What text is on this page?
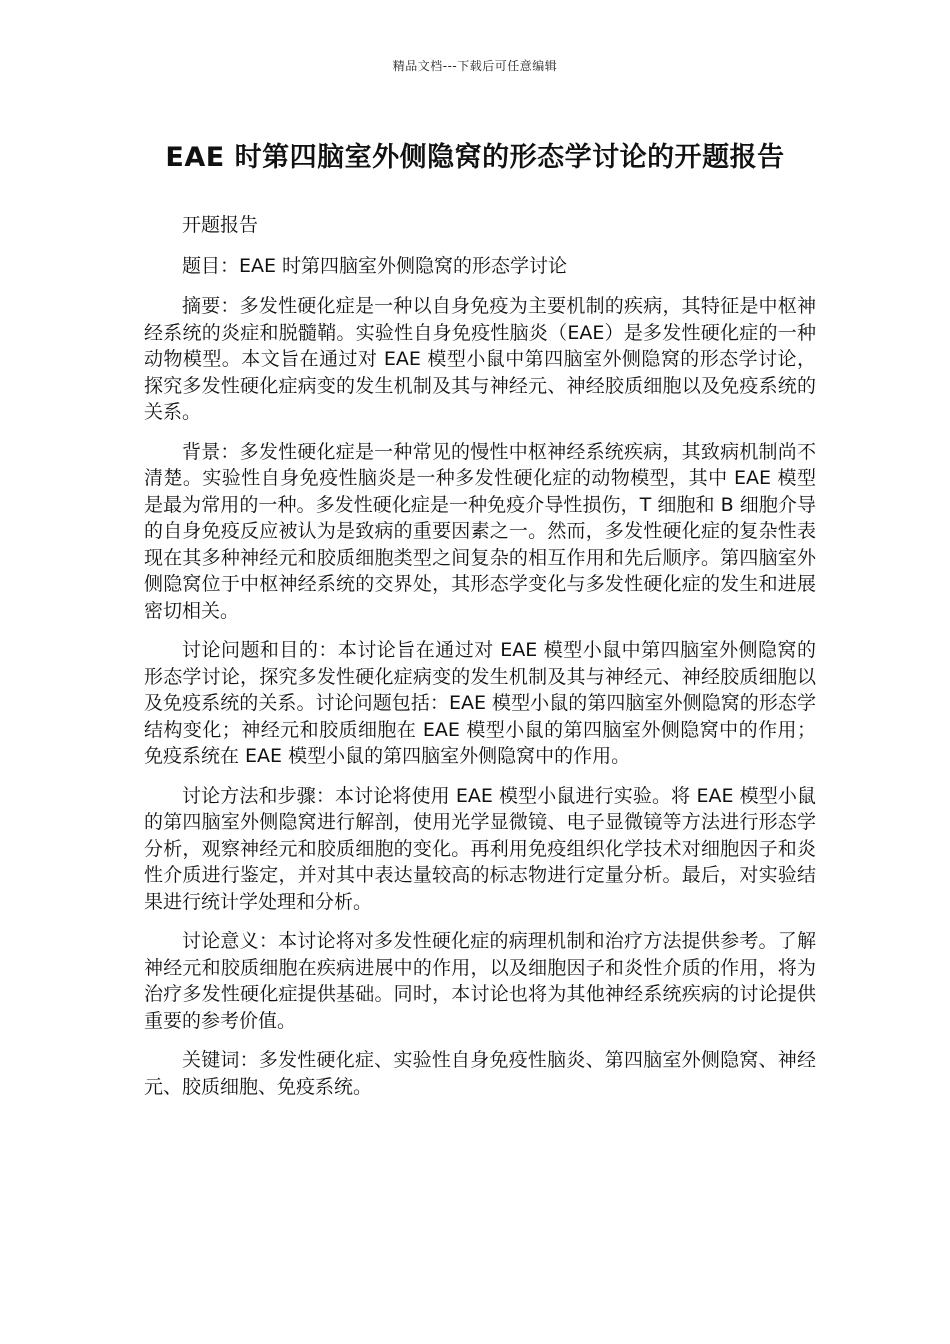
精品文档---下载后可任意编辑
EAE 时第四脑室外侧隐窝的形态学讨论的开题报告

开题报告

题目：EAE 时第四脑室外侧隐窝的形态学讨论

摘要：多发性硬化症是一种以自身免疫为主要机制的疾病，其特征是中枢神经系统的炎症和脱髓鞘。实验性自身免疫性脑炎（EAE）是多发性硬化症的一种动物模型。本文旨在通过对 EAE 模型小鼠中第四脑室外侧隐窝的形态学讨论，探究多发性硬化症病变的发生机制及其与神经元、神经胶质细胞以及免疫系统的关系。

背景：多发性硬化症是一种常见的慢性中枢神经系统疾病，其致病机制尚不清楚。实验性自身免疫性脑炎是一种多发性硬化症的动物模型，其中 EAE 模型是最为常用的一种。多发性硬化症是一种免疫介导性损伤，T 细胞和 B 细胞介导的自身免疫反应被认为是致病的重要因素之一。然而，多发性硬化症的复杂性表现在其多种神经元和胶质细胞类型之间复杂的相互作用和先后顺序。第四脑室外侧隐窝位于中枢神经系统的交界处，其形态学变化与多发性硬化症的发生和进展密切相关。

讨论问题和目的：本讨论旨在通过对 EAE 模型小鼠中第四脑室外侧隐窝的形态学讨论，探究多发性硬化症病变的发生机制及其与神经元、神经胶质细胞以及免疫系统的关系。讨论问题包括：EAE 模型小鼠的第四脑室外侧隐窝的形态学结构变化；神经元和胶质细胞在 EAE 模型小鼠的第四脑室外侧隐窝中的作用；免疫系统在 EAE 模型小鼠的第四脑室外侧隐窝中的作用。

讨论方法和步骤：本讨论将使用 EAE 模型小鼠进行实验。将 EAE 模型小鼠的第四脑室外侧隐窝进行解剖，使用光学显微镜、电子显微镜等方法进行形态学分析，观察神经元和胶质细胞的变化。再利用免疫组织化学技术对细胞因子和炎性介质进行鉴定，并对其中表达量较高的标志物进行定量分析。最后，对实验结果进行统计学处理和分析。

讨论意义：本讨论将对多发性硬化症的病理机制和治疗方法提供参考。了解神经元和胶质细胞在疾病进展中的作用，以及细胞因子和炎性介质的作用，将为治疗多发性硬化症提供基础。同时，本讨论也将为其他神经系统疾病的讨论提供重要的参考价值。

关键词：多发性硬化症、实验性自身免疫性脑炎、第四脑室外侧隐窝、神经元、胶质细胞、免疫系统。
